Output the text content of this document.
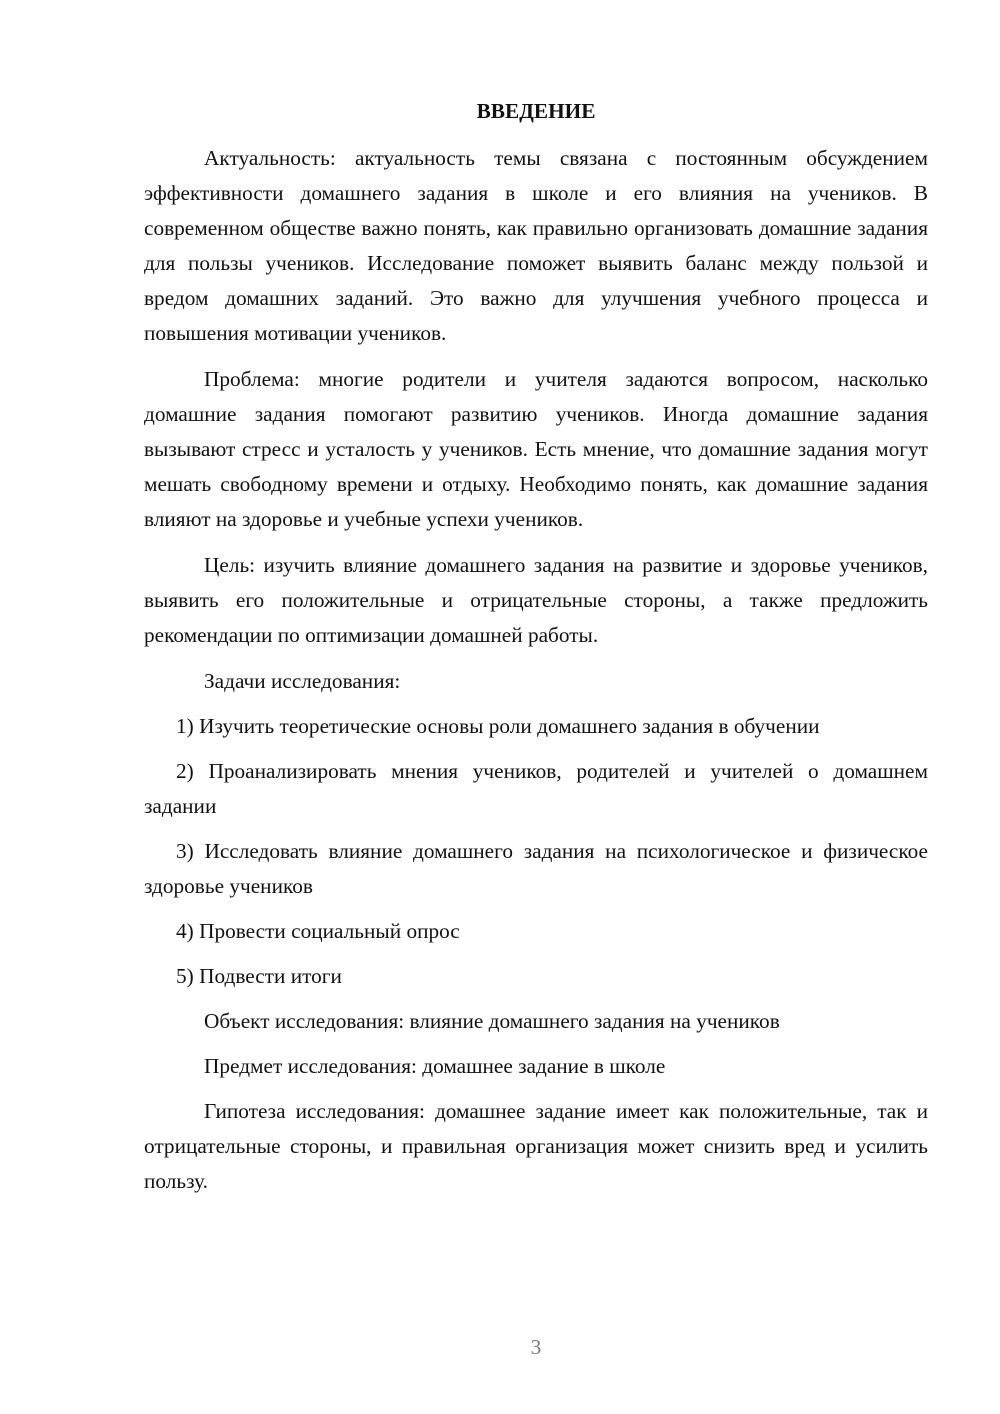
ВВЕДЕНИЕ

Актуальность: актуальность темы связана с постоянным обсуждением эффективности домашнего задания в школе и его влияния на учеников. В современном обществе важно понять, как правильно организовать домашние задания для пользы учеников. Исследование поможет выявить баланс между пользой и вредом домашних заданий. Это важно для улучшения учебного процесса и повышения мотивации учеников.

Проблема: многие родители и учителя задаются вопросом, насколько домашние задания помогают развитию учеников. Иногда домашние задания вызывают стресс и усталость у учеников. Есть мнение, что домашние задания могут мешать свободному времени и отдыху. Необходимо понять, как домашние задания влияют на здоровье и учебные успехи учеников.

Цель: изучить влияние домашнего задания на развитие и здоровье учеников, выявить его положительные и отрицательные стороны, а также предложить рекомендации по оптимизации домашней работы.

Задачи исследования:

1) Изучить теоретические основы роли домашнего задания в обучении

2) Проанализировать мнения учеников, родителей и учителей о домашнем задании

3) Исследовать влияние домашнего задания на психологическое и физическое здоровье учеников

4) Провести социальный опрос

5) Подвести итоги

Объект исследования: влияние домашнего задания на учеников

Предмет исследования: домашнее задание в школе

Гипотеза исследования: домашнее задание имеет как положительные, так и отрицательные стороны, и правильная организация может снизить вред и усилить пользу.

3
